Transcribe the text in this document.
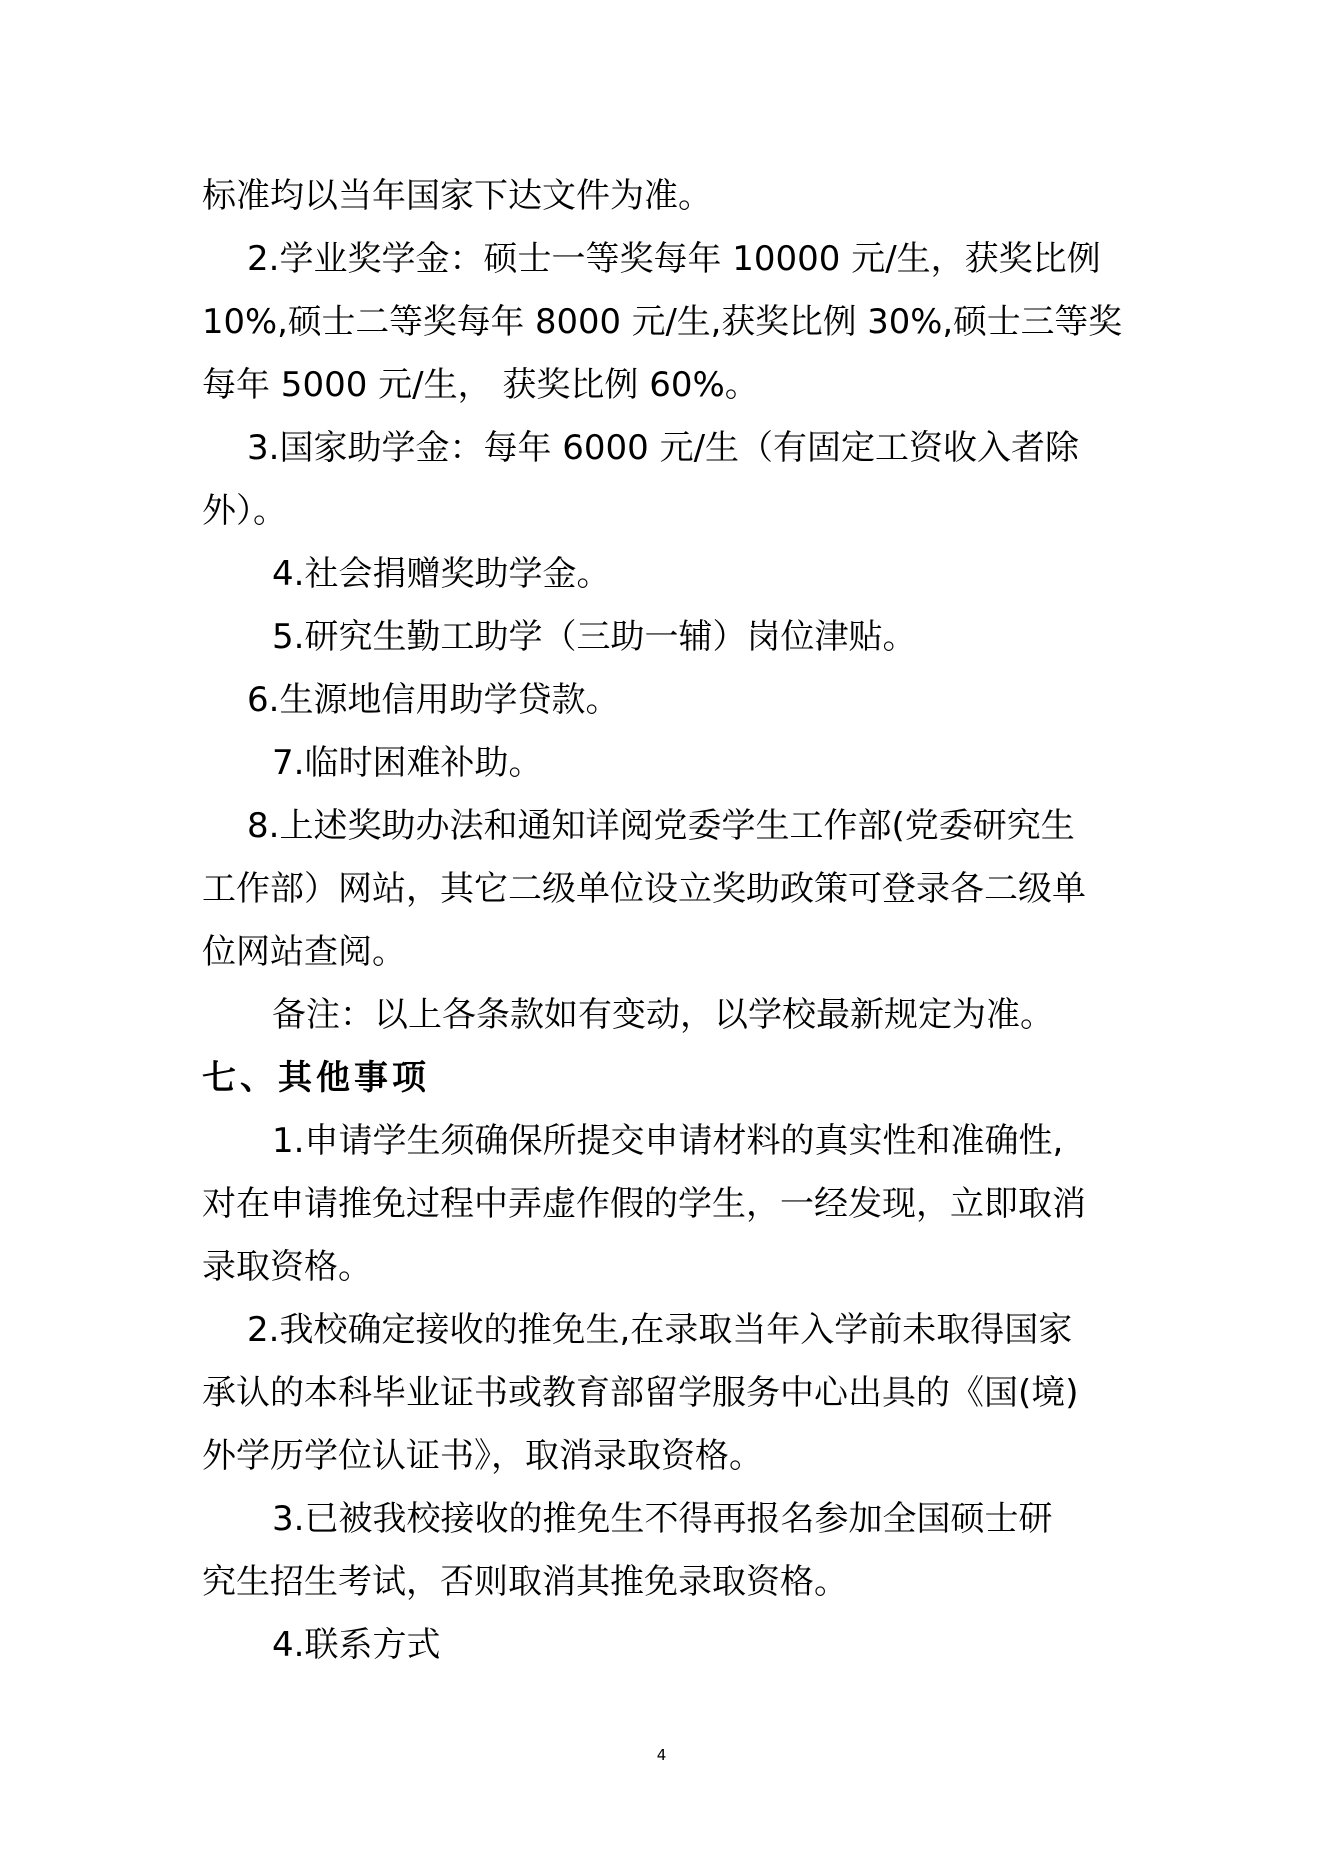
标准均以当年国家下达文件为准。
2.学业奖学金：硕士一等奖每年 10000 元/生，获奖比例
10%,硕士二等奖每年 8000 元/生,获奖比例 30%,硕士三等奖
每年 5000 元/生， 获奖比例 60%。
3.国家助学金：每年 6000 元/生（有固定工资收入者除
外）。
4.社会捐赠奖助学金。
5.研究生勤工助学（三助一辅）岗位津贴。
6.生源地信用助学贷款。
7.临时困难补助。
8.上述奖助办法和通知详阅党委学生工作部(党委研究生
工作部）网站，其它二级单位设立奖助政策可登录各二级单
位网站查阅。
备注：以上各条款如有变动，以学校最新规定为准。
七、其他事项
1.申请学生须确保所提交申请材料的真实性和准确性,
对在申请推免过程中弄虚作假的学生，一经发现，立即取消
录取资格。
2.我校确定接收的推免生,在录取当年入学前未取得国家
承认的本科毕业证书或教育部留学服务中心出具的《国(境)
外学历学位认证书》，取消录取资格。
3.已被我校接收的推免生不得再报名参加全国硕士研
究生招生考试，否则取消其推免录取资格。
4.联系方式
4
